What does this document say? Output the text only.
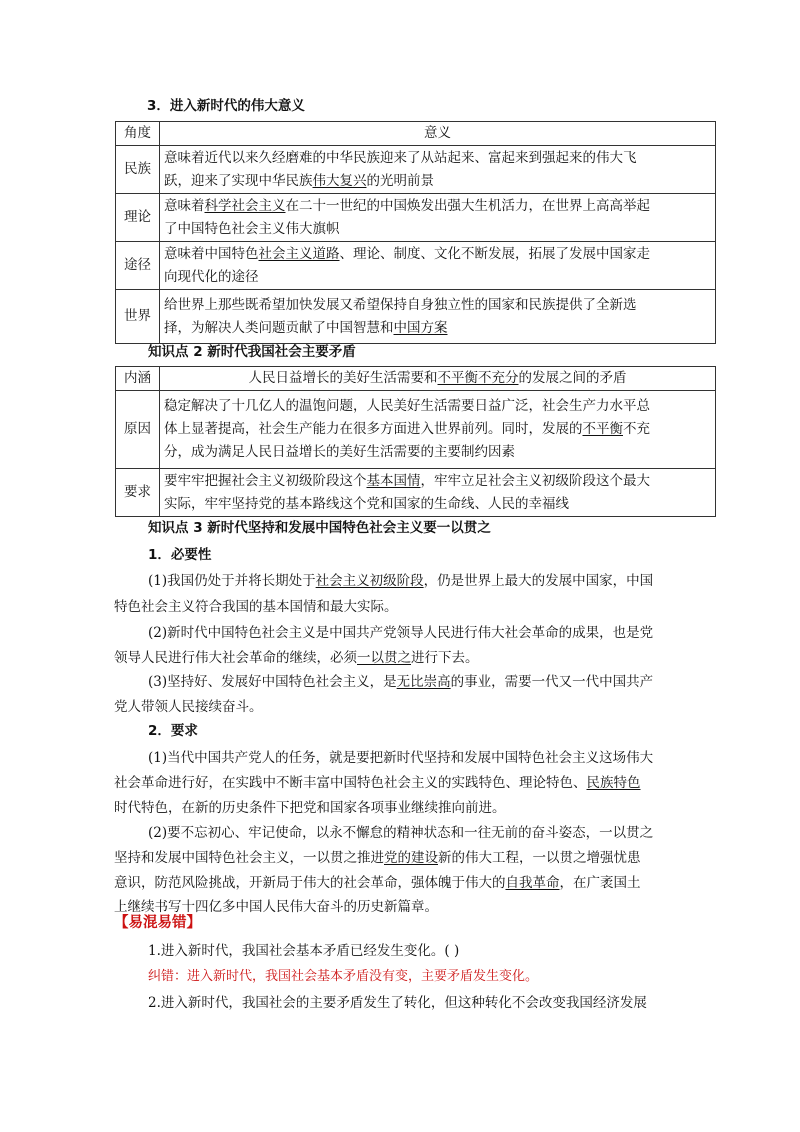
3．进入新时代的伟大意义
角度	意义
民族	意味着近代以来久经磨难的中华民族迎来了从站起来、富起来到强起来的伟大飞
跃，迎来了实现中华民族伟大复兴的光明前景

理论	意味着科学社会主义在二十一世纪的中国焕发出强大生机活力，在世界上高高举起
了中国特色社会主义伟大旗帜

途径	意味着中国特色社会主义道路、理论、制度、文化不断发展，拓展了发展中国家走
向现代化的途径

世界	给世界上那些既希望加快发展又希望保持自身独立性的国家和民族提供了全新选
择，为解决人类问题贡献了中国智慧和中国方案
知识点 2 新时代我国社会主要矛盾
内涵	人民日益增长的美好生活需要和不平衡不充分的发展之间的矛盾

原因	稳定解决了十几亿人的温饱问题，人民美好生活需要日益广泛，社会生产力水平总
体上显著提高，社会生产能力在很多方面进入世界前列。同时，发展的不平衡不充
分，成为满足人民日益增长的美好生活需要的主要制约因素

要求	要牢牢把握社会主义初级阶段这个基本国情，牢牢立足社会主义初级阶段这个最大
实际，牢牢坚持党的基本路线这个党和国家的生命线、人民的幸福线
知识点 3 新时代坚持和发展中国特色社会主义要一以贯之
1．必要性
(1)我国仍处于并将长期处于社会主义初级阶段，仍是世界上最大的发展中国家，中国
特色社会主义符合我国的基本国情和最大实际。
(2)新时代中国特色社会主义是中国共产党领导人民进行伟大社会革命的成果，也是党
领导人民进行伟大社会革命的继续，必须一以贯之进行下去。
(3)坚持好、发展好中国特色社会主义，是无比崇高的事业，需要一代又一代中国共产
党人带领人民接续奋斗。
2．要求
(1)当代中国共产党人的任务，就是要把新时代坚持和发展中国特色社会主义这场伟大
社会革命进行好，在实践中不断丰富中国特色社会主义的实践特色、理论特色、民族特色
时代特色，在新的历史条件下把党和国家各项事业继续推向前进。
(2)要不忘初心、牢记使命，以永不懈怠的精神状态和一往无前的奋斗姿态，一以贯之
坚持和发展中国特色社会主义，一以贯之推进党的建设新的伟大工程，一以贯之增强忧患
意识，防范风险挑战，开新局于伟大的社会革命，强体魄于伟大的自我革命，在广袤国土
上继续书写十四亿多中国人民伟大奋斗的历史新篇章。
【易混易错】
1.进入新时代，我国社会基本矛盾已经发生变化。( )
纠错：进入新时代，我国社会基本矛盾没有变，主要矛盾发生变化。
2.进入新时代，我国社会的主要矛盾发生了转化，但这种转化不会改变我国经济发展
